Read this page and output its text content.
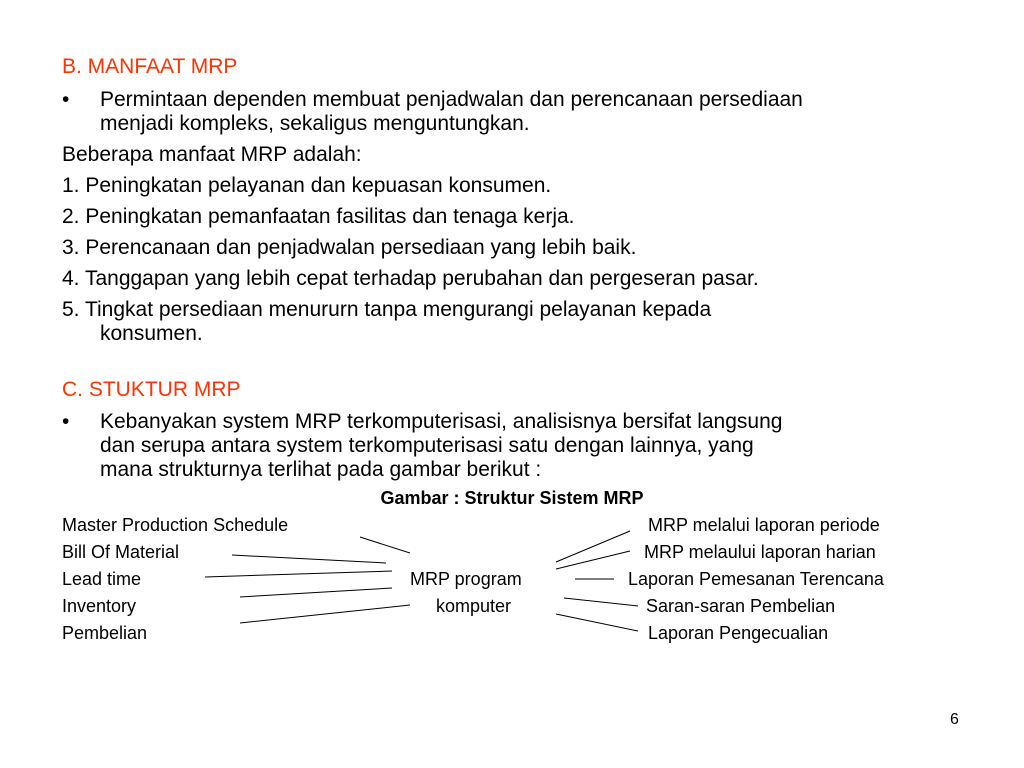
B. MANFAAT MRP
• Permintaan dependen membuat penjadwalan dan perencanaan persediaan
menjadi kompleks, sekaligus menguntungkan.
Beberapa manfaat MRP adalah:
1. Peningkatan pelayanan dan kepuasan konsumen.
2. Peningkatan pemanfaatan fasilitas dan tenaga kerja.
3. Perencanaan dan penjadwalan persediaan yang lebih baik.
4. Tanggapan yang lebih cepat terhadap perubahan dan pergeseran pasar.
5. Tingkat persediaan menururn tanpa mengurangi pelayanan kepada
konsumen.
C. STUKTUR MRP
• Kebanyakan system MRP terkomputerisasi, analisisnya bersifat langsung
dan serupa antara system terkomputerisasi satu dengan lainnya, yang
mana strukturnya terlihat pada gambar berikut :
Gambar : Struktur Sistem MRP
Master Production Schedule
Bill Of Material
Lead time
Inventory
Pembelian
MRP program
komputer
MRP melalui laporan periode
MRP melaului laporan harian
Laporan Pemesanan Terencana
Saran-saran Pembelian
Laporan Pengecualian
6
